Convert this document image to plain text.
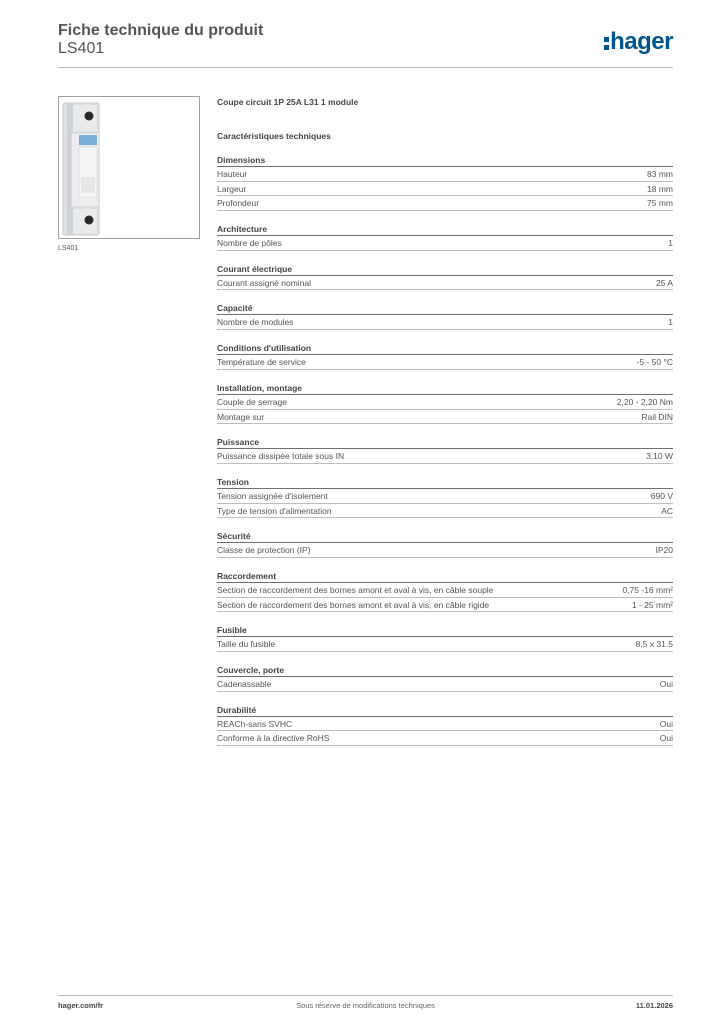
Fiche technique du produit
LS401	hager
LS401
Coupe circuit 1P 25A L31 1 module
Caractéristiques techniques
Dimensions
Hauteur	83 mm
Largeur	18 mm
Profondeur	75 mm
Architecture
Nombre de pôles	1
Courant électrique
Courant assigné nominal	25 A
Capacité
Nombre de modules	1
Conditions d'utilisation
Température de service	-5 - 50 °C
Installation, montage
Couple de serrage	2,20 - 2,20 Nm
Montage sur	Rail DIN
Puissance
Puissance dissipée totale sous IN	3,10 W
Tension
Tension assignée d'isolement	690 V
Type de tension d'alimentation	AC
Sécurité
Classe de protection (IP)	IP20
Raccordement
Section de raccordement des bornes amont et aval à vis, en câble souple	0,75 -16 mm²
Section de raccordement des bornes amont et aval à vis, en câble rigide	1 - 25 mm²
Fusible
Taille du fusible	8.5 x 31.5
Couvercle, porte
Cadenassable	Oui
Durabilité
REACh-sans SVHC	Oui
Conforme à la directive RoHS	Oui
hager.com/fr	Sous réserve de modifications techniques	11.01.2026
